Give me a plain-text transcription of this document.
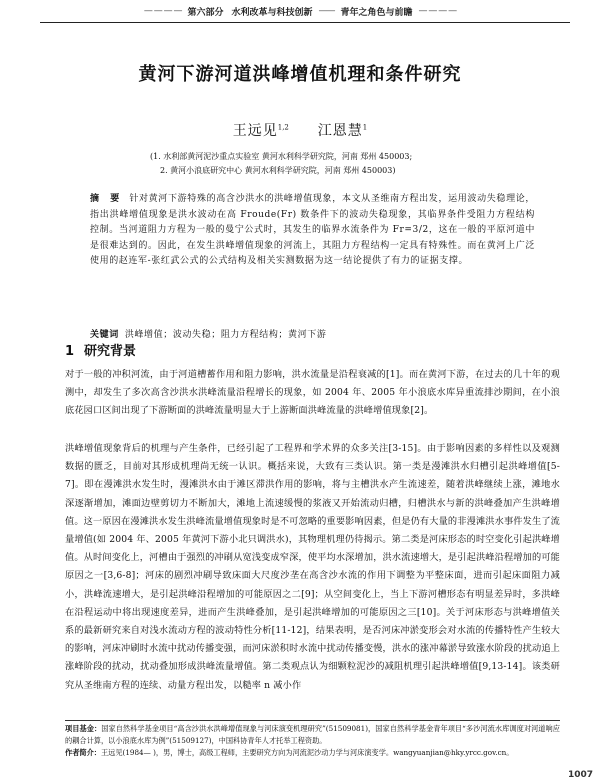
— — — — 第六部分 水利改革与科技创新 —— 青年之角色与前瞻 — — — —
黄河下游河道洪峰增值机理和条件研究
王远见$^{1,2}$ 江恩慧$^1$
(1. 水利部黄河泥沙重点实验室 黄河水利科学研究院，河南 郑州 450003;
2. 黄河小浪底研究中心 黄河水利科学研究院，河南 郑州 450003)
摘 要 针对黄河下游特殊的高含沙洪水的洪峰增值现象，本文从圣维南方程出发，运用波动失稳理论，指出洪峰增值现象是洪水波动在高 Froude(Fr) 数条件下的波动失稳现象，其临界条件受阻力方程结构控制。当河道阻力方程为一般的曼宁公式时，其发生的临界水流条件为 Fr=3/2，这在一般的平原河道中是很难达到的。因此，在发生洪峰增值现象的河流上，其阻力方程结构一定具有特殊性。而在黄河上广泛使用的赵连军-张红武公式的公式结构及相关实测数据为这一结论提供了有力的证据支撑。
关键词 洪峰增值；波动失稳；阻力方程结构；黄河下游
1 研究背景

对于一般的冲积河流，由于河道槽蓄作用和阻力影响，洪水流量是沿程衰减的[1]。而在黄河下游，在过去的几十年的观测中，却发生了多次高含沙洪水洪峰流量沿程增长的现象，如 2004 年、2005 年小浪底水库异重流排沙期间，在小浪底花园口区间出现了下游断面的洪峰流量明显大于上游断面洪峰流量的洪峰增值现象[2]。

洪峰增值现象背后的机理与产生条件，已经引起了工程界和学术界的众多关注[3-15]。由于影响因素的多样性以及观测数据的匮乏，目前对其形成机理尚无统一认识。概括来说，大致有三类认识。第一类是漫滩洪水归槽引起洪峰增值[5-7]。即在漫滩洪水发生时，漫滩洪水由于滩区滞洪作用的影响，将与主槽洪水产生流速差，随着洪峰继续上涨，滩地水深逐渐增加，滩面边壁剪切力不断加大，滩地上流速缓慢的浆液又开始流动归槽，归槽洪水与新的洪峰叠加产生洪峰增值。这一原因在漫滩洪水发生洪峰流量增值现象时是不可忽略的重要影响因素，但是仍有大量的非漫滩洪水事件发生了流量增值(如 2004 年、2005 年黄河下游小北只调洪水)，其物理机理仍待揭示。第二类是河床形态的时空变化引起洪峰增值。从时间变化上，河槽由于强烈的冲刷从宽浅变成窄深，使平均水深增加，洪水流速增大，是引起洪峰沿程增加的可能原因之一[3,6-8]；河床的剧烈冲刷导致床面大尺度沙垄在高含沙水流的作用下调整为平整床面，进而引起床面阻力减小，洪峰流速增大，是引起洪峰沿程增加的可能原因之二[9]；从空间变化上，当上下游河槽形态有明显差异时，多洪峰在沿程运动中将出现速度差异，进而产生洪峰叠加，是引起洪峰增加的可能原因之三[10]。关于河床形态与洪峰增值关系的最新研究来自对浅水流动方程的波动特性分析[11-12]，结果表明，是否河床冲淤变形会对水流的传播特性产生较大的影响，河床冲刷时水流中扰动传播变强，而河床淤积时水流中扰动传播变慢，洪水的涨冲幕淤导致涨水阶段的扰动追上涨峰阶段的扰动，扰动叠加形成洪峰流量增值。第二类观点认为细颗粒泥沙的减阻机理引起洪峰增值[9,13-14]。该类研究从圣维南方程的连续、动量方程出发，以糙率 n 减小作

项目基金：国家自然科学基金项目“高含沙洪水洪峰增值现象与河床演变机理研究”(51509081)，国家自然科学基金青年项目“多沙河流水库调度对河道响应的耦合计算，以小浪底水库为例”(51509127)，中国科协青年人才托举工程资助。
作者简介：王远见(1984— )，男，博士，高级工程师，主要研究方向为河流泥沙动力学与河床演变学。wangyuanjian@hky.yrcc.gov.cn。

1007
